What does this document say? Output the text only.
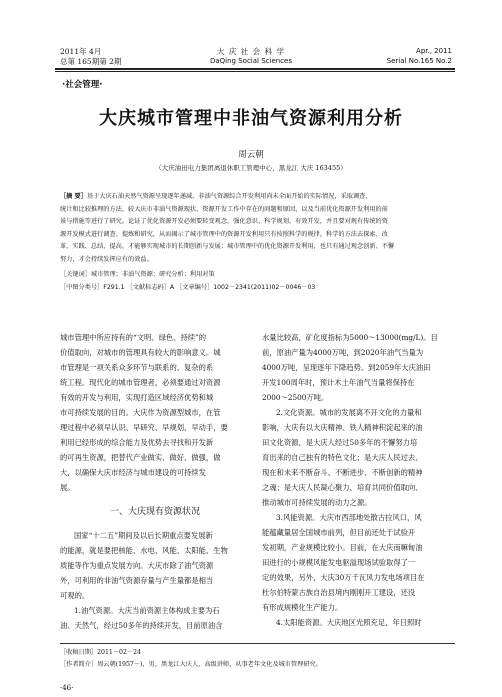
2011年 4月
总第 165期第 2期
大 庆 社 会 科 学
DaQing Social Sciences
Apr., 2011
Serial No.165 No.2
·社会管理·
大庆城市管理中非油气资源利用分析
周云朝
（大庆油田电力集团离退休职工管理中心，黑龙江 大庆 163455）
［摘 要］基于大庆石油天然气资源呈现逐年递减，非油气资源综合开发利用尚未全面开始的实际情况，采取调查、
统计和比较推理的方法，较大庆市非油气资源现状、资源开发工作中存在的问题和原因，以及当前优化资源开发利用的前
景与措施等进行了研究。论证了优化资源开发必须要转变观念，强化意识、科学规划、有效开发，并且要对规有传统的资
源开发模式进行调查、提炼和研究，从而揭示了城市管理中的资源开发利用只有按照科学的规律，科学的方法去探索、改
革、实践、总结、提高，才能够实现城市的长期创新与发展；城市管理中的优化资源开发利用，也只有通过观念创新、不懈
努力，才会持续发挥应有的效益。
［关键词］城市管理；非油气资源；研究分析；利用对策
［中图分类号］F291.1 ［文献标志码］A ［文章编号］1002－2341(2011)02－0046－03

城市管理中所应持有的“文明、绿色、持续”的

价值取向，对城市的管理具有较大的影响意义。城

市管理是一项关系众多环节与联系的、复杂的系

统工程。现代化的城市管理者，必须要通过对资源

有效的开发与利用，实现打造区域经济优势和城

市可持续发展的目的。大庆作为资源型城市，在管

理过程中必须早认识、早研究、早规划、早动手，要

利用已经形成的综合能力及优势去寻找和开发新

的可再生资源，把替代产业做实、做好、做强，做

大，以确保大庆市经济与城市建设的可持续发

展。

一、大庆现有资源状况

国家“十二五”期间及以后长期重点要发展新

的能源，就是要把核能、水电、风能、太阳能、生物

质能等作为重点发展方向。大庆市除了油气资源

外，可利用的非油气资源存量与产生量都是相当

可观的。

1.油气资源。大庆当前资源主体构成主要为石

油、天然气，经过50多年的持续开发，目前原油含

水量比较高，矿化度指标为5000～13000(mg/L)。目

前，原油产量为4000万吨，到2020年油气当量为

4000万吨，呈现逐年下降趋势。到2059年大庆油田

开发100周年时，预计木土年油气当量将保持在

2000～2500万吨。

2.文化资源。城市的发展离不开文化的力量和

影响，大庆有以大庆精神、铁人精神积淀起来的油

田文化资源，是大庆人经过50多年的不懈努力培

育出来的自己独有的特色文化；是大庆人民过去、

现在和未来不断奋斗、不断进步、不断创新的精神

之魂；是大庆人民凝心聚力、培育共同价值取向、

推动城市可持续发展的动力之源。

3.风能资源。大庆市西部地处散古拉风口，风

能蕴藏量居全国城市前列，但目前还处于试验开

发初期，产业规模比较小。目前，在大庆南嘛甸油

田进行的小规模风能发电驱溢现场试验取得了一

定的效果，另外，大庆30万千瓦风力发电场项目在

杜尔伯特蒙古族自治县境内刚刚开工建设，还没

有形成规模化生产能力。

4.太阳能资源。大庆地区光照充足，年日照时

［收稿日期］2011－02－24
［作者简介］周云朝(1957－)，男，黑龙江大庆人，高级讲师，从事老年文化及城市管理研究。
·46·
